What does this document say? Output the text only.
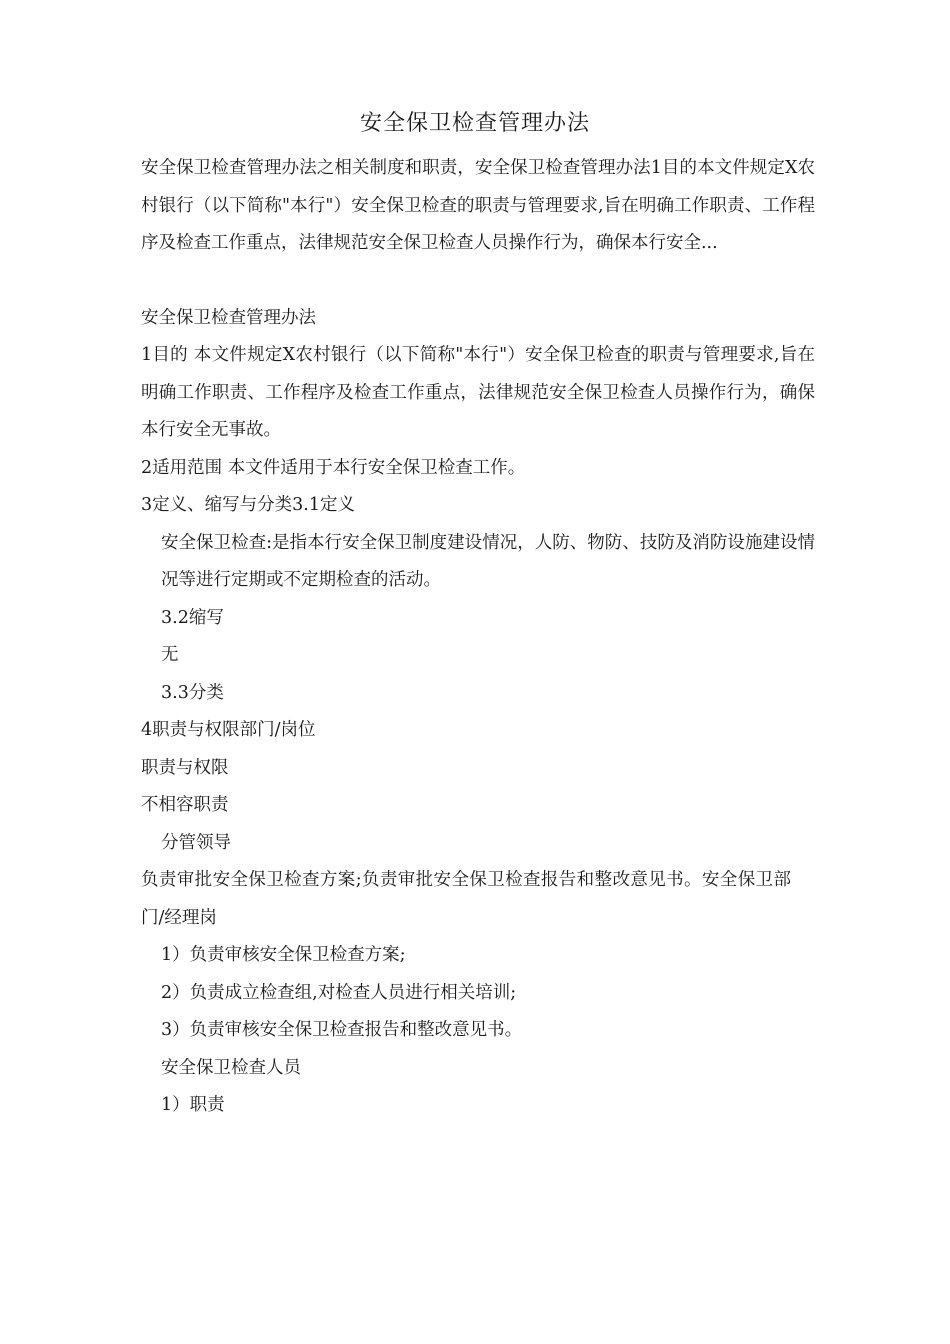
安全保卫检查管理办法

安全保卫检查管理办法之相关制度和职责，安全保卫检查管理办法1目的本文件规定X农村银行（以下简称"本行"）安全保卫检查的职责与管理要求,旨在明确工作职责、工作程序及检查工作重点，法律规范安全保卫检查人员操作行为，确保本行安全...

安全保卫检查管理办法

1目的 本文件规定X农村银行（以下简称"本行"）安全保卫检查的职责与管理要求,旨在明确工作职责、工作程序及检查工作重点，法律规范安全保卫检查人员操作行为，确保本行安全无事故。

2适用范围 本文件适用于本行安全保卫检查工作。

3定义、缩写与分类3.1定义

安全保卫检查:是指本行安全保卫制度建设情况，人防、物防、技防及消防设施建设情况等进行定期或不定期检查的活动。

3.2缩写

无

3.3分类

4职责与权限部门/岗位

职责与权限

不相容职责

分管领导

负责审批安全保卫检查方案;负责审批安全保卫检查报告和整改意见书。安全保卫部门/经理岗

1）负责审核安全保卫检查方案;

2）负责成立检查组,对检查人员进行相关培训;

3）负责审核安全保卫检查报告和整改意见书。

安全保卫检查人员

1）职责
